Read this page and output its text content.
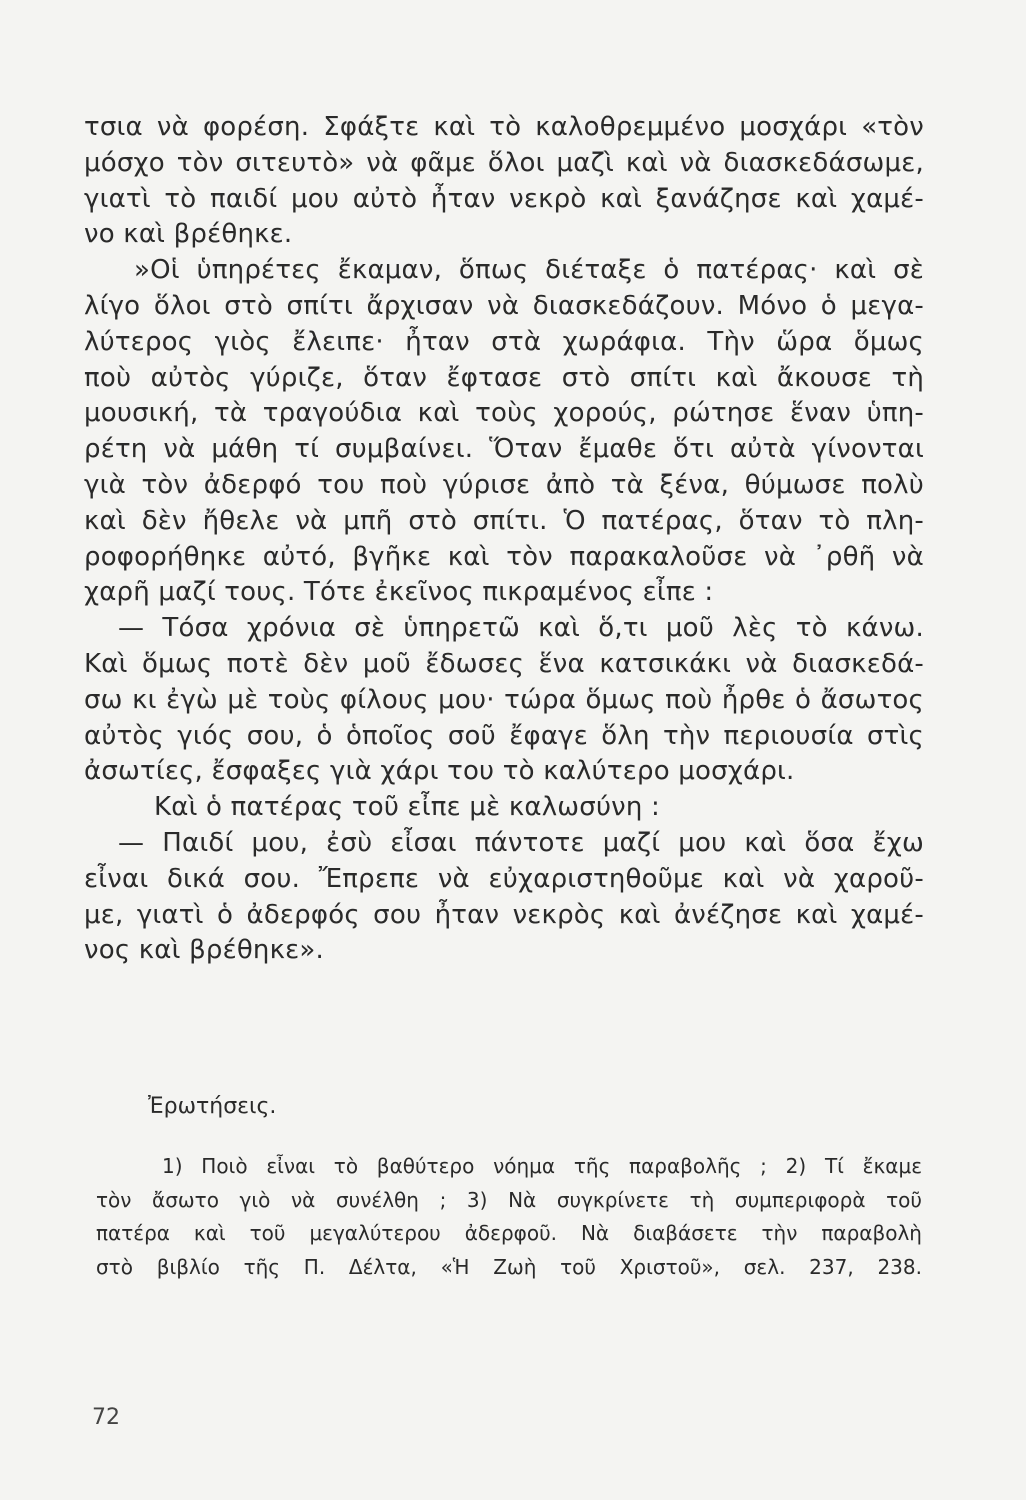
τσια νὰ φορέση. Σφάξτε καὶ τὸ καλοθρεμμένο μοσχάρι «τὸν
μόσχο τὸν σιτευτὸ» νὰ φᾶμε ὅλοι μαζὶ καὶ νὰ διασκεδάσωμε,
γιατὶ τὸ παιδί μου αὐτὸ ἦταν νεκρὸ καὶ ξανάζησε καὶ χαμέ-
νο καὶ βρέθηκε.
»Οἱ ὑπηρέτες ἔκαμαν, ὅπως διέταξε ὁ πατέρας· καὶ σὲ
λίγο ὅλοι στὸ σπίτι ἄρχισαν νὰ διασκεδάζουν. Μόνο ὁ μεγα-
λύτερος γιὸς ἔλειπε· ἦταν στὰ χωράφια. Τὴν ὥρα ὅμως
ποὺ αὐτὸς γύριζε, ὅταν ἔφτασε στὸ σπίτι καὶ ἄκουσε τὴ
μουσική, τὰ τραγούδια καὶ τοὺς χορούς, ρώτησε ἕναν ὑπη-
ρέτη νὰ μάθη τί συμβαίνει. Ὅταν ἔμαθε ὅτι αὐτὰ γίνονται
γιὰ τὸν ἀδερφό του ποὺ γύρισε ἀπὸ τὰ ξένα, θύμωσε πολὺ
καὶ δὲν ἤθελε νὰ μπῆ στὸ σπίτι. Ὁ πατέρας, ὅταν τὸ πλη-
ροφορήθηκε αὐτό, βγῆκε καὶ τὸν παρακαλοῦσε νὰ ᾽ρθῆ νὰ
χαρῆ μαζί τους. Τότε ἐκεῖνος πικραμένος εἶπε :
— Τόσα χρόνια σὲ ὑπηρετῶ καὶ ὅ,τι μοῦ λὲς τὸ κάνω.
Καὶ ὅμως ποτὲ δὲν μοῦ ἔδωσες ἕνα κατσικάκι νὰ διασκεδά-
σω κι ἐγὼ μὲ τοὺς φίλους μου· τώρα ὅμως ποὺ ἦρθε ὁ ἄσωτος
αὐτὸς γιός σου, ὁ ὁποῖος σοῦ ἔφαγε ὅλη τὴν περιουσία στὶς
ἀσωτίες, ἔσφαξες γιὰ χάρι του τὸ καλύτερο μοσχάρι.
Καὶ ὁ πατέρας τοῦ εἶπε μὲ καλωσύνη :
— Παιδί μου, ἐσὺ εἶσαι πάντοτε μαζί μου καὶ ὅσα ἔχω
εἶναι δικά σου. Ἔπρεπε νὰ εὐχαριστηθοῦμε καὶ νὰ χαροῦ-
με, γιατὶ ὁ ἀδερφός σου ἦταν νεκρὸς καὶ ἀνέζησε καὶ χαμέ-
νος καὶ βρέθηκε».
Ἐρωτήσεις.
1) Ποιὸ εἶναι τὸ βαθύτερο νόημα τῆς παραβολῆς ; 2) Τί ἔκαμε
τὸν ἄσωτο γιὸ νὰ συνέλθη ; 3) Νὰ συγκρίνετε τὴ συμπεριφορὰ τοῦ
πατέρα καὶ τοῦ μεγαλύτερου ἀδερφοῦ. Νὰ διαβάσετε τὴν παραβολὴ
στὸ βιβλίο τῆς Π. Δέλτα, «Ἡ Ζωὴ τοῦ Χριστοῦ», σελ. 237, 238.
72
